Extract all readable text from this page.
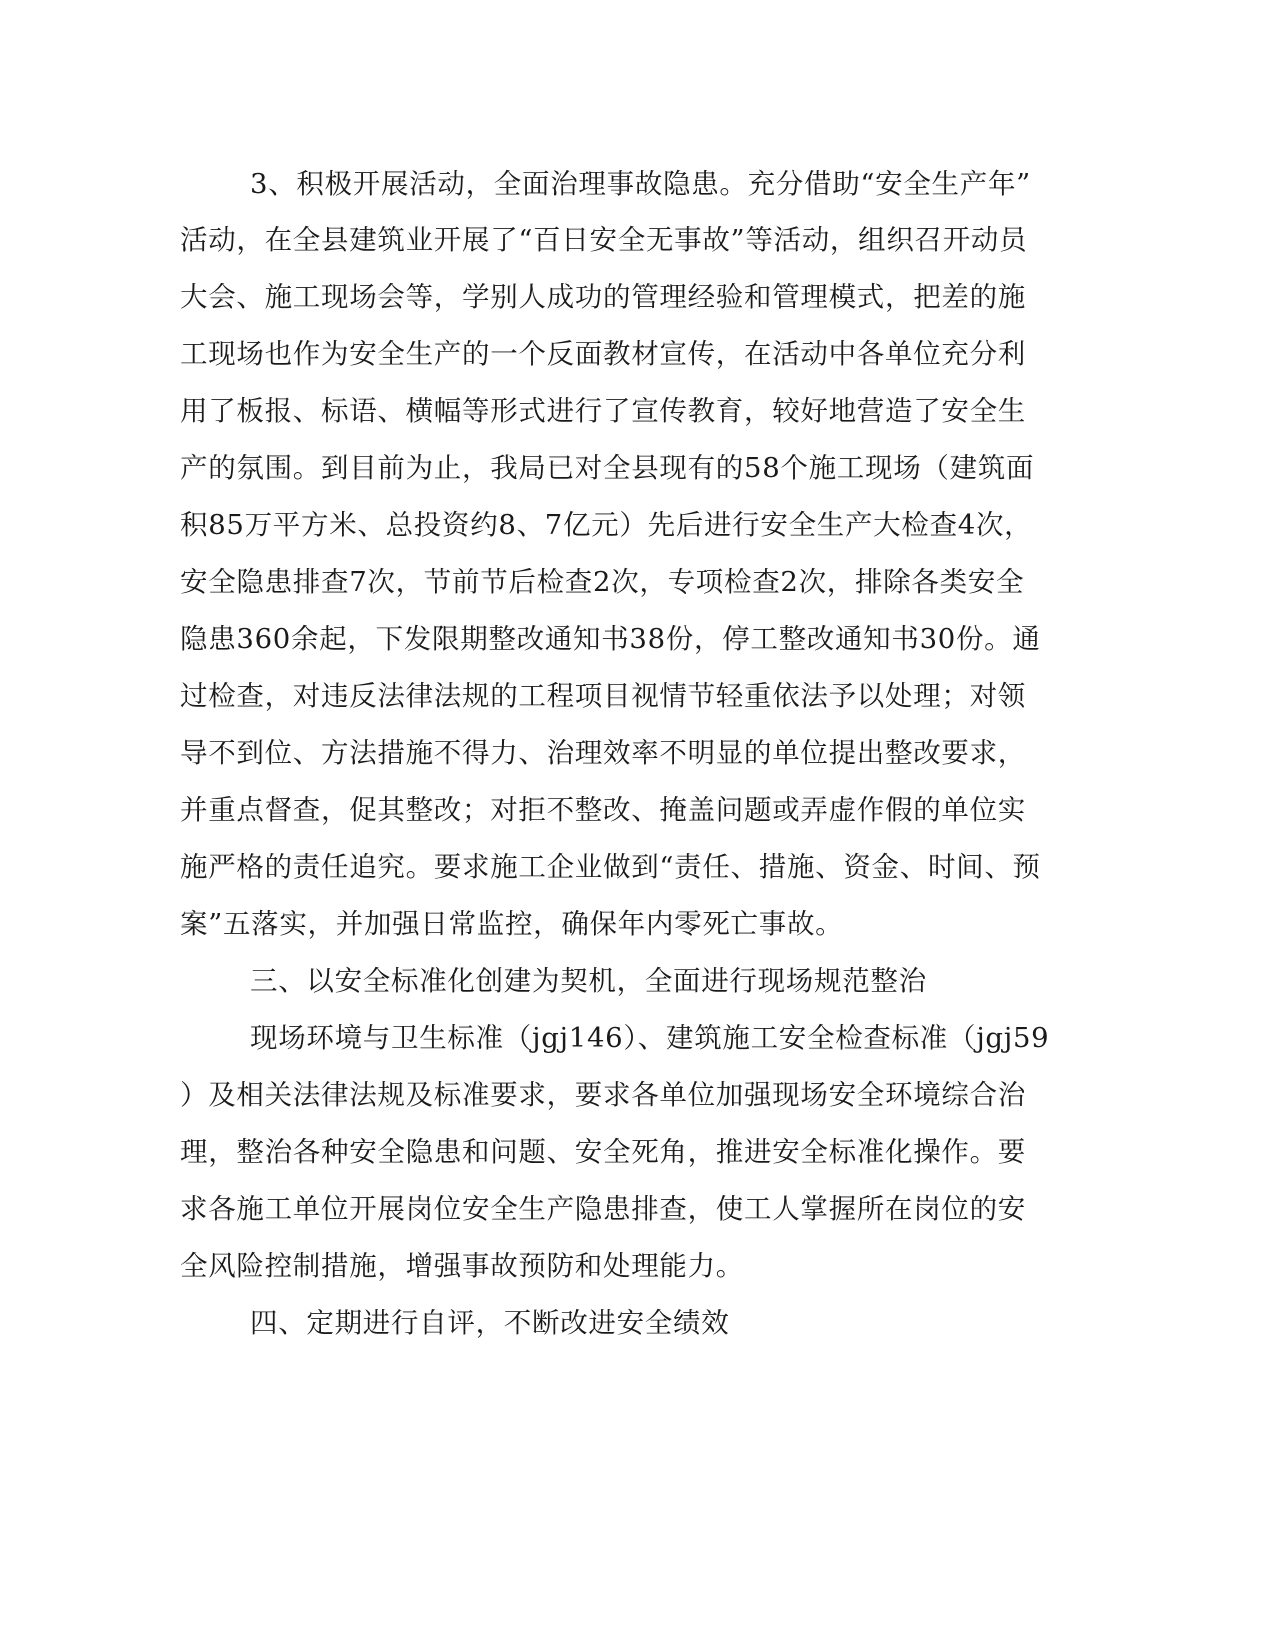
3、积极开展活动，全面治理事故隐患。充分借助“安全生产年”
活动，在全县建筑业开展了“百日安全无事故”等活动，组织召开动员
大会、施工现场会等，学别人成功的管理经验和管理模式，把差的施
工现场也作为安全生产的一个反面教材宣传，在活动中各单位充分利
用了板报、标语、横幅等形式进行了宣传教育，较好地营造了安全生
产的氛围。到目前为止，我局已对全县现有的58个施工现场（建筑面
积85万平方米、总投资约8、7亿元）先后进行安全生产大检查4次，
安全隐患排查7次，节前节后检查2次，专项检查2次，排除各类安全
隐患360余起，下发限期整改通知书38份，停工整改通知书30份。通
过检查，对违反法律法规的工程项目视情节轻重依法予以处理；对领
导不到位、方法措施不得力、治理效率不明显的单位提出整改要求，
并重点督查，促其整改；对拒不整改、掩盖问题或弄虚作假的单位实
施严格的责任追究。要求施工企业做到“责任、措施、资金、时间、预
案”五落实，并加强日常监控，确保年内零死亡事故。
三、以安全标准化创建为契机，全面进行现场规范整治
现场环境与卫生标准（jgj146）、建筑施工安全检查标准（jgj59
）及相关法律法规及标准要求，要求各单位加强现场安全环境综合治
理，整治各种安全隐患和问题、安全死角，推进安全标准化操作。要
求各施工单位开展岗位安全生产隐患排查，使工人掌握所在岗位的安
全风险控制措施，增强事故预防和处理能力。
四、定期进行自评，不断改进安全绩效
